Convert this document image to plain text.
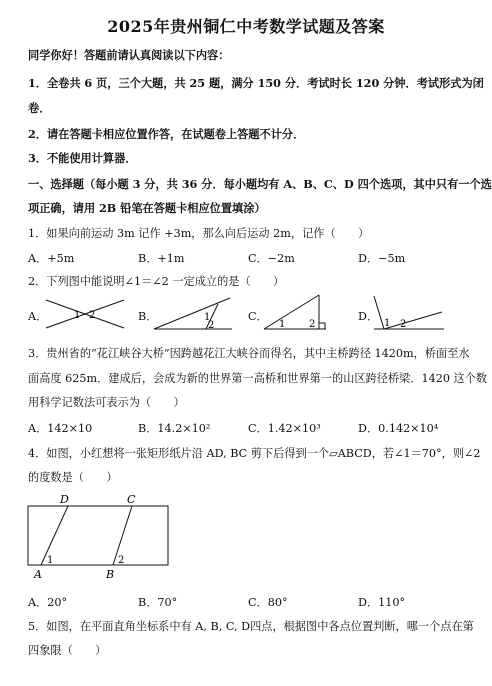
2025年贵州铜仁中考数学试题及答案
同学你好！答题前请认真阅读以下内容：
1．全卷共 6 页，三个大题，共 25 题，满分 150 分．考试时长 120 分钟．考试形式为闭
卷．
2．请在答题卡相应位置作答，在试题卷上答题不计分．
3．不能使用计算器．
一、选择题（每小题 3 分，共 36 分．每小题均有 A、B、C、D 四个选项，其中只有一个选
项正确，请用 2B 铅笔在答题卡相应位置填涂）
1．如果向前运动 3m 记作 +3m，那么向后运动 2m，记作（　　）
A．+5m	B．+1m	C．−2m	D．−5m
2．下列图中能说明∠1＝∠2 一定成立的是（　　）
A．	1 2	B．	1
2
C．
1 2
D．
1 2
3．贵州省的“花江峡谷大桥”因跨越花江大峡谷而得名，其中主桥跨径 1420m，桥面至水
面高度 625m．建成后，会成为新的世界第一高桥和世界第一的山区跨径桥梁．1420 这个数
用科学记数法可表示为（　　）
A．142×10	B．14.2×10²	C．1.42×10³	D．0.142×10⁴
4．如图，小红想将一张矩形纸片沿 AD, BC 剪下后得到一个▱ABCD，若∠1＝70°，则∠2
的度数是（　　）
D	C
A	B
1	2
A．20°	B．70°	C．80°	D．110°
5．如图，在平面直角坐标系中有 A, B, C, D四点，根据图中各点位置判断，哪一个点在第
四象限（　　）
